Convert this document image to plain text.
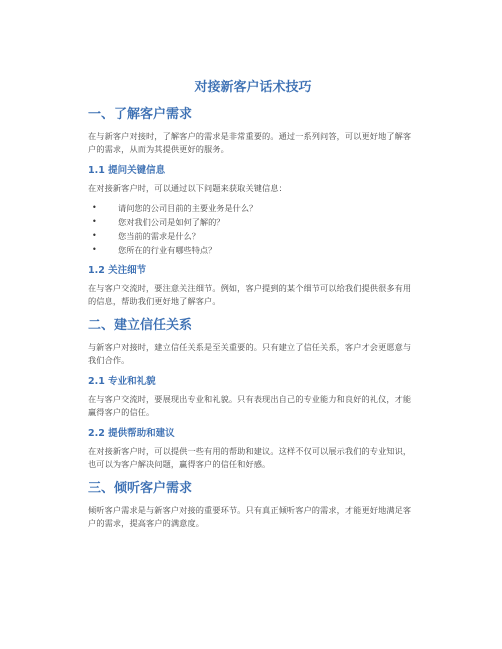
对接新客户话术技巧
一、了解客户需求

在与新客户对接时，了解客户的需求是非常重要的。通过一系列问答，可以更好地了解客户的需求，从而为其提供更好的服务。

1.1 提问关键信息

在对接新客户时，可以通过以下问题来获取关键信息：

•	请问您的公司目前的主要业务是什么？
•	您对我们公司是如何了解的？
•	您当前的需求是什么？
•	您所在的行业有哪些特点？
1.2 关注细节

在与客户交流时，要注意关注细节。例如，客户提到的某个细节可以给我们提供很多有用的信息，帮助我们更好地了解客户。

二、建立信任关系

与新客户对接时，建立信任关系是至关重要的。只有建立了信任关系，客户才会更愿意与我们合作。

2.1 专业和礼貌

在与客户交流时，要展现出专业和礼貌。只有表现出自己的专业能力和良好的礼仪，才能赢得客户的信任。

2.2 提供帮助和建议

在对接新客户时，可以提供一些有用的帮助和建议。这样不仅可以展示我们的专业知识，也可以为客户解决问题，赢得客户的信任和好感。

三、倾听客户需求

倾听客户需求是与新客户对接的重要环节。只有真正倾听客户的需求，才能更好地满足客户的需求，提高客户的满意度。
